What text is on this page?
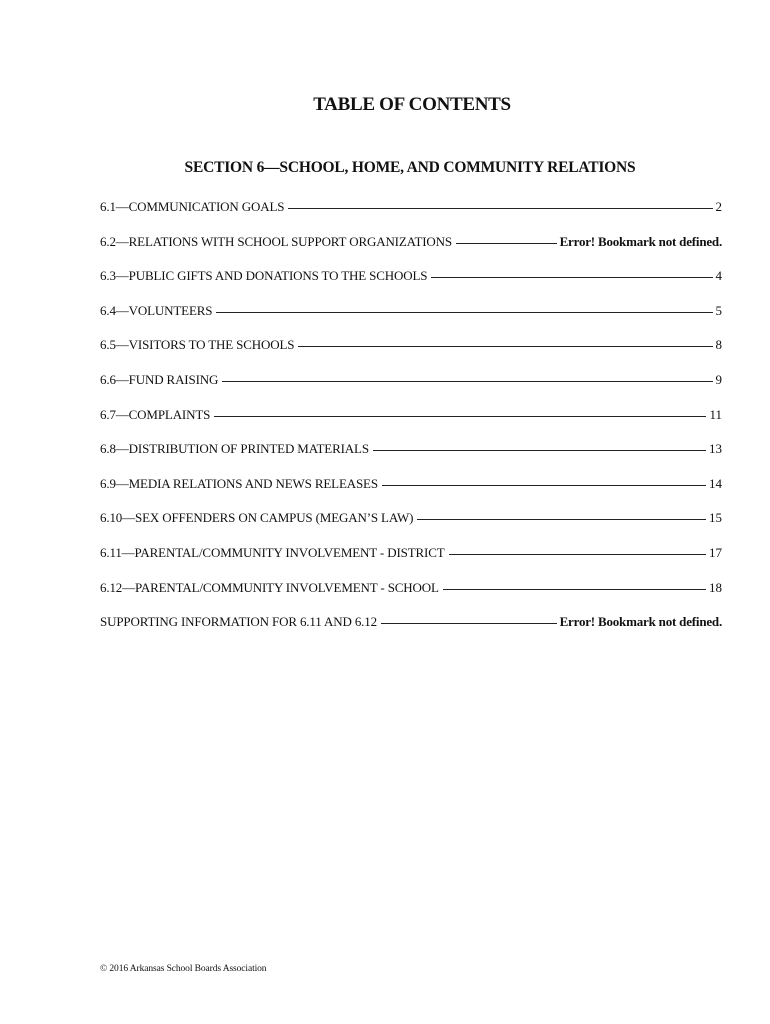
TABLE OF CONTENTS
SECTION 6—SCHOOL, HOME, AND COMMUNITY RELATIONS
6.1—COMMUNICATION GOALS	2
6.2—RELATIONS WITH SCHOOL SUPPORT ORGANIZATIONS	Error! Bookmark not defined.
6.3—PUBLIC GIFTS AND DONATIONS TO THE SCHOOLS	4
6.4—VOLUNTEERS	5
6.5—VISITORS TO THE SCHOOLS	8
6.6—FUND RAISING	9
6.7—COMPLAINTS	11
6.8—DISTRIBUTION OF PRINTED MATERIALS	13
6.9—MEDIA RELATIONS AND NEWS RELEASES	14
6.10—SEX OFFENDERS ON CAMPUS (MEGAN’S LAW)	15
6.11—PARENTAL/COMMUNITY INVOLVEMENT - DISTRICT	17
6.12—PARENTAL/COMMUNITY INVOLVEMENT - SCHOOL	18
SUPPORTING INFORMATION FOR 6.11 AND 6.12	Error! Bookmark not defined.
© 2016 Arkansas School Boards Association
